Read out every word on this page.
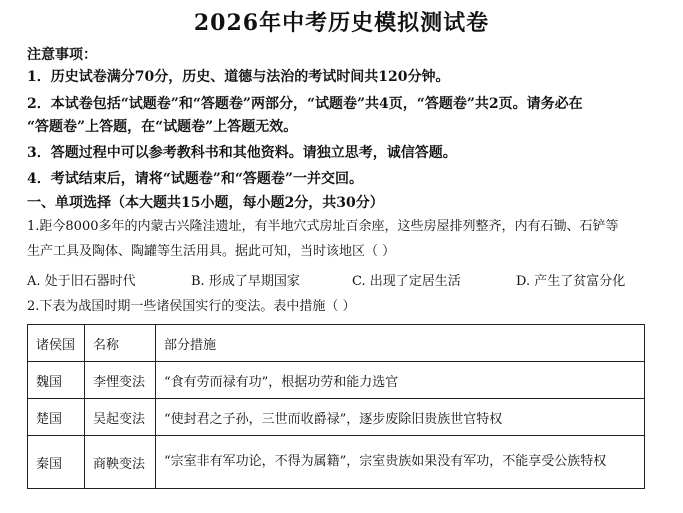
2026年中考历史模拟测试卷
注意事项：
1．历史试卷满分70分，历史、道德与法治的考试时间共120分钟。
2．本试卷包括“试题卷”和“答题卷”两部分，“试题卷”共4页，“答题卷”共2页。请务必在
“答题卷”上答题，在“试题卷”上答题无效。
3．答题过程中可以参考教科书和其他资料。请独立思考，诚信答题。
4．考试结束后，请将“试题卷”和“答题卷”一并交回。
一、单项选择（本大题共15小题，每小题2分，共30分）
1.距今8000多年的内蒙古兴隆洼遗址，有半地穴式房址百余座，这些房屋排列整齐，内有石锄、石铲等
生产工具及陶体、陶罐等生活用具。据此可知，当时该地区（ ）
A. 处于旧石器时代	B. 形成了早期国家	C. 出现了定居生活	D. 产生了贫富分化
2.下表为战国时期一些诸侯国实行的变法。表中措施（ ）
诸侯国	名称	部分措施
魏国	李悝变法	“食有劳而禄有功”，根据功劳和能力选官
楚国	吴起变法	“使封君之子孙，三世而收爵禄”，逐步废除旧贵族世官特权
秦国	商鞅变法	“宗室非有军功论，不得为属籍”，宗室贵族如果没有军功，不能享受公族特权
